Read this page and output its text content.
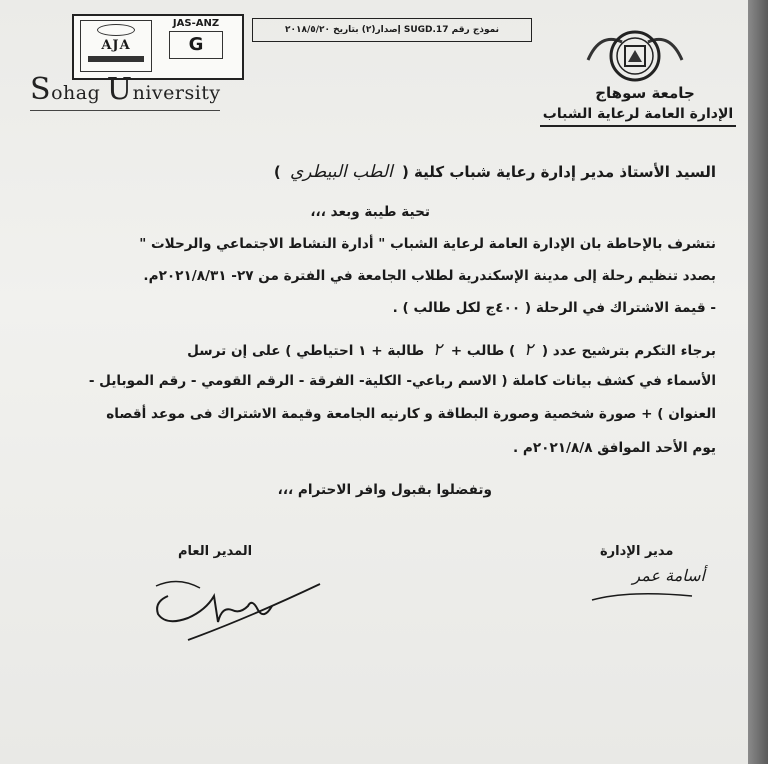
AJA
JAS-ANZ
G
نموذج رقم SUGD.17 إصدار(٢) بتاريخ ٢٠١٨/٥/٢٠
Sohag University	جامعة سوهاج
الإدارة العامة لرعاية الشباب
السيد الأستاذ مدير إدارة رعاية شباب كلية ( الطب البيطري )
تحية طيبة وبعد ،،،
نتشرف بالإحاطة بان الإدارة العامة لرعاية الشباب " أدارة النشاط الاجتماعي والرحلات "
بصدد تنظيم رحلة إلى مدينة الإسكندرية لطلاب الجامعة في الفترة من ٢٧- ٢٠٢١/٨/٣١م.
- قيمة الاشتراك في الرحلة ( ٤٠٠ج لكل طالب ) .
برجاء التكرم بترشيح عدد ( ٢ ) طالب + ٢ طالبة + ١ احتياطي ) على إن ترسل
الأسماء في كشف بيانات كاملة ( الاسم رباعي- الكلية- الفرقة - الرقم القومي - رقم الموبايل -
العنوان ) + صورة شخصية وصورة البطاقة و كارنيه الجامعة وقيمة الاشتراك فى موعد أقصاه
يوم الأحد الموافق ٢٠٢١/٨/٨م .
وتفضلوا بقبول وافر الاحترام ،،،
المدير العام	مدير الإدارة
أسامة عمر
